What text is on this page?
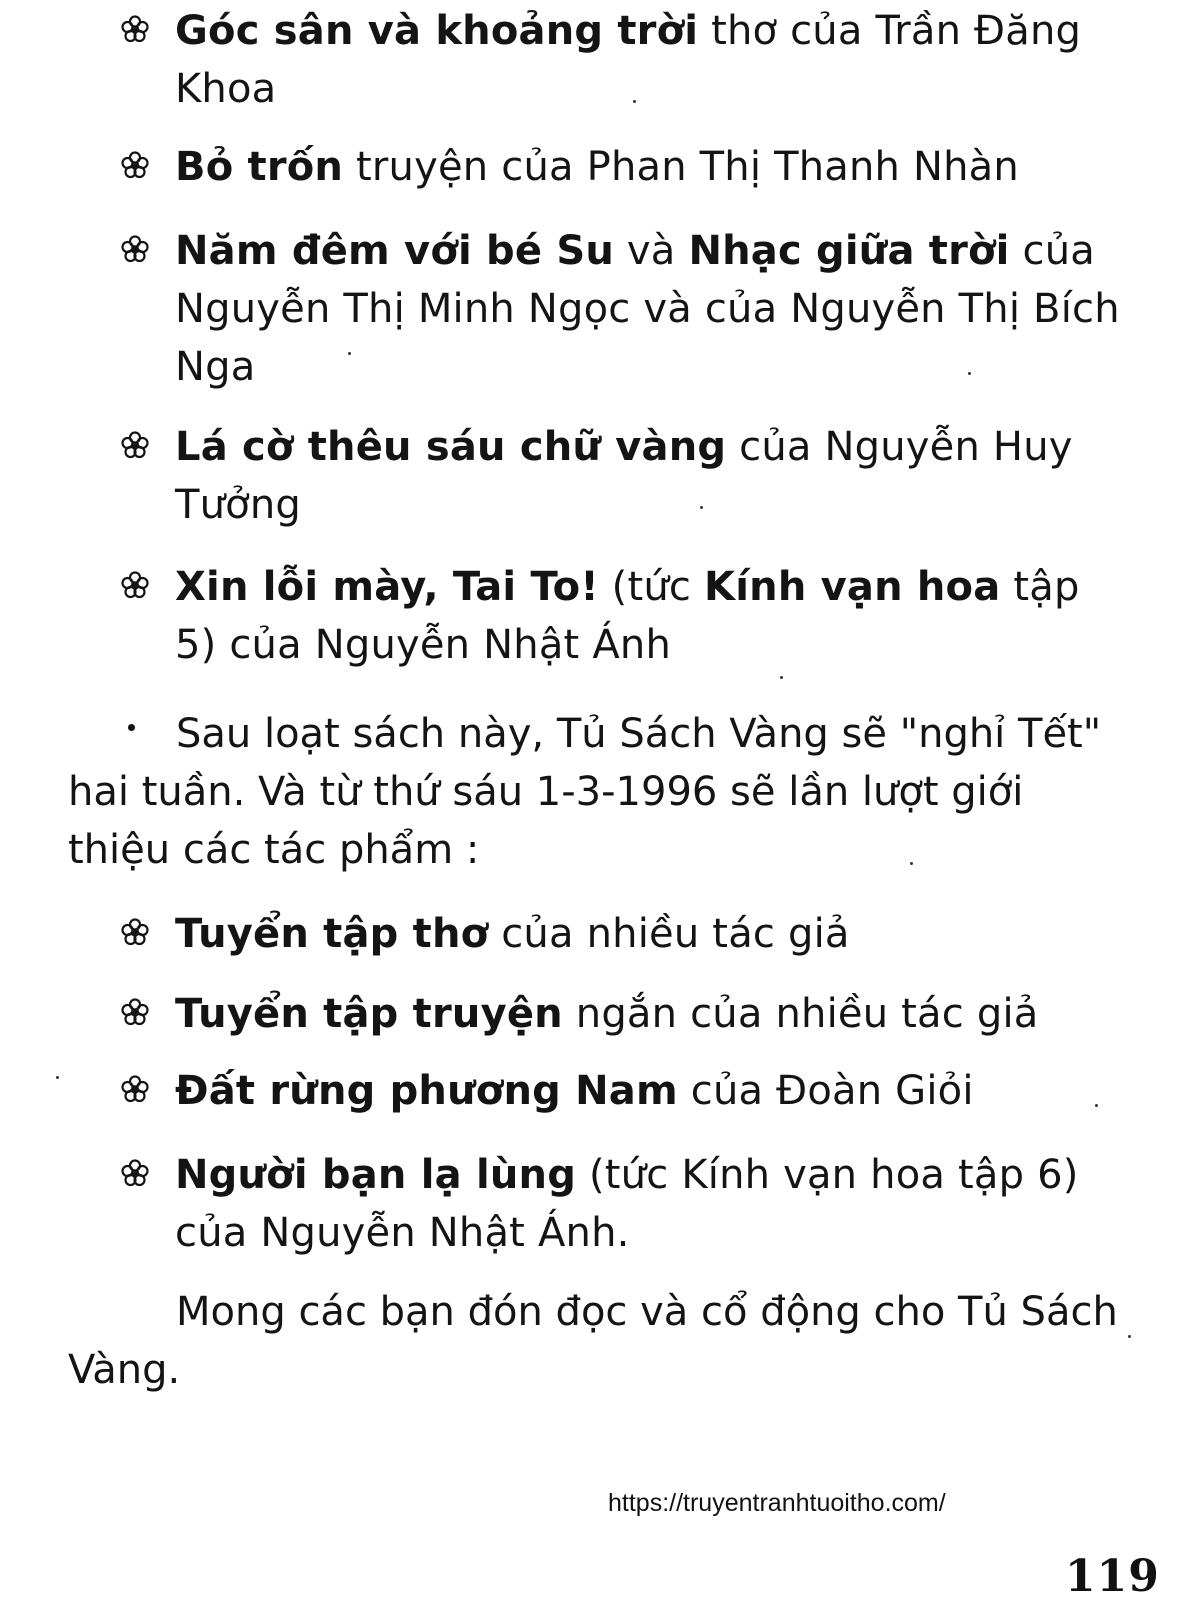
Góc sân và khoảng trời thơ của Trần Đăng Khoa
Bỏ trốn truyện của Phan Thị Thanh Nhàn
Năm đêm với bé Su và Nhạc giữa trời của Nguyễn Thị Minh Ngọc và của Nguyễn Thị Bích Nga
Lá cờ thêu sáu chữ vàng của Nguyễn Huy Tưởng
Xin lỗi mày, Tai To! (tức Kính vạn hoa tập 5) của Nguyễn Nhật Ánh
Sau loạt sách này, Tủ Sách Vàng sẽ "nghỉ Tết" hai tuần. Và từ thứ sáu 1-3-1996 sẽ lần lượt giới thiệu các tác phẩm :
Tuyển tập thơ của nhiều tác giả
Tuyển tập truyện ngắn của nhiều tác giả
Đất rừng phương Nam của Đoàn Giỏi
Người bạn lạ lùng (tức Kính vạn hoa tập 6) của Nguyễn Nhật Ánh.
Mong các bạn đón đọc và cổ động cho Tủ Sách Vàng.
https://truyentranhtuoitho.com/
119
